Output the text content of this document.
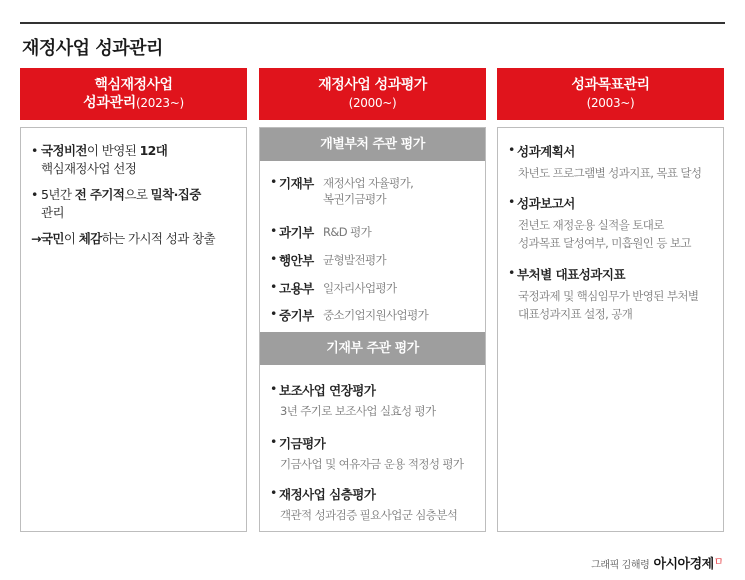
재정사업 성과관리
핵심재정사업
성과관리(2023~)
• 국정비전이 반영된 12대
핵심재정사업 선정
• 5년간 전 주기적으로 밀착·집중
관리
→국민이 체감하는 가시적 성과 창출
재정사업 성과평가
(2000~)
개별부처 주관 평가
• 기재부 재정사업 자율평가,
복권기금평가
• 과기부 R&D 평가
• 행안부 균형발전평가
• 고용부 일자리사업평가
• 중기부 중소기업지원사업평가
기재부 주관 평가
• 보조사업 연장평가
3년 주기로 보조사업 실효성 평가
• 기금평가
기금사업 및 여유자금 운용 적정성 평가
• 재정사업 심층평가
객관적 성과검증 필요사업군 심층분석
성과목표관리
(2003~)
• 성과계획서
차년도 프로그램별 성과지표, 목표 달성
• 성과보고서
전년도 재정운용 실적을 토대로
성과목표 달성여부, 미흡원인 등 보고
• 부처별 대표성과지표
국정과제 및 핵심임무가 반영된 부처별
대표성과지표 설정, 공개
그래픽 김해령 아시아경제ㅁ
